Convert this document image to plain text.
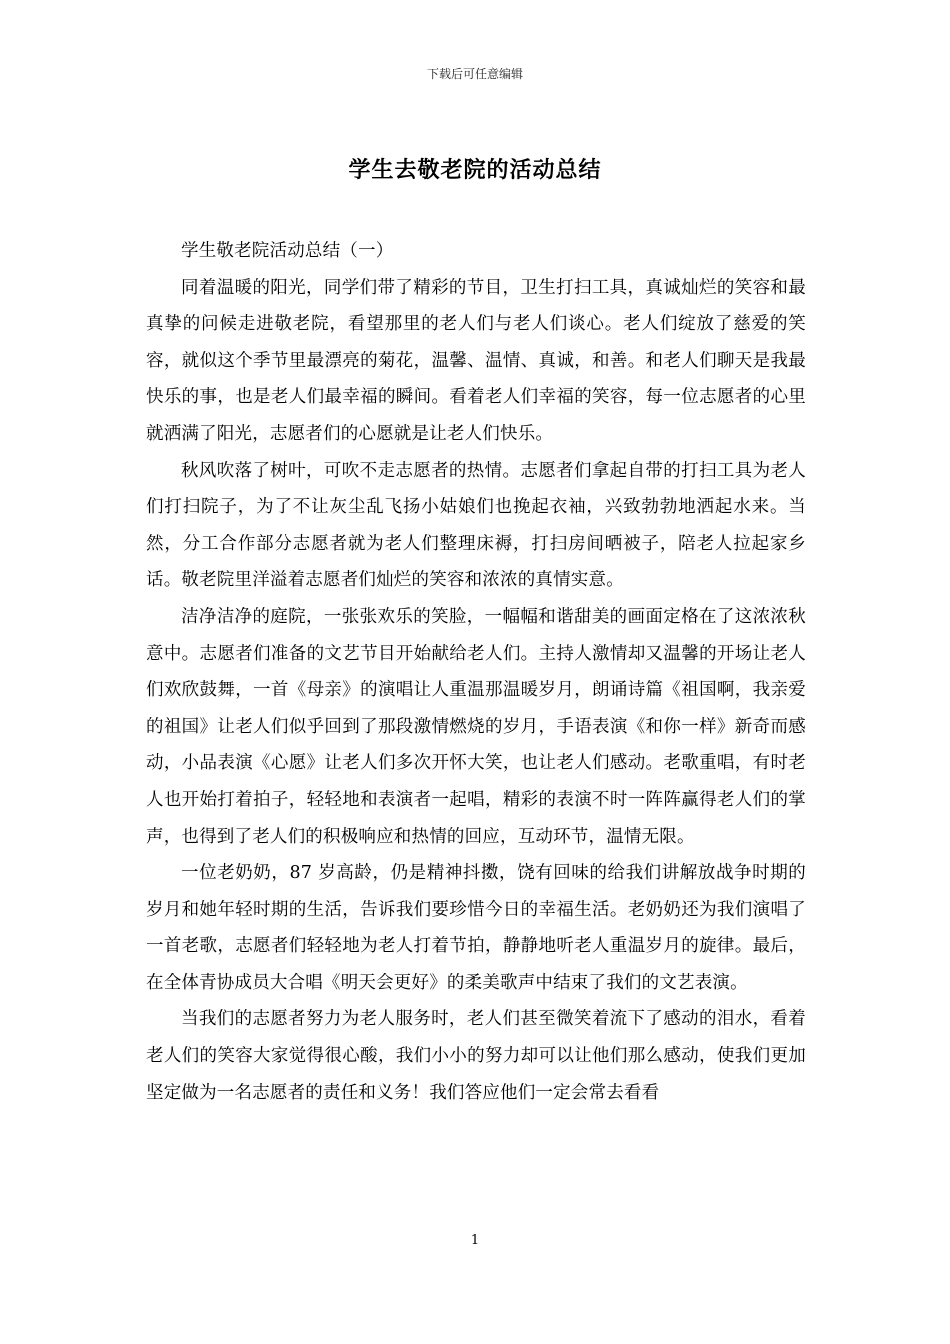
下载后可任意编辑
学生去敬老院的活动总结

学生敬老院活动总结（一）

同着温暖的阳光，同学们带了精彩的节目，卫生打扫工具，真诚灿烂的笑容和最真挚的问候走进敬老院，看望那里的老人们与老人们谈心。老人们绽放了慈爱的笑容，就似这个季节里最漂亮的菊花，温馨、温情、真诚，和善。和老人们聊天是我最快乐的事，也是老人们最幸福的瞬间。看着老人们幸福的笑容，每一位志愿者的心里就洒满了阳光，志愿者们的心愿就是让老人们快乐。

秋风吹落了树叶，可吹不走志愿者的热情。志愿者们拿起自带的打扫工具为老人们打扫院子，为了不让灰尘乱飞扬小姑娘们也挽起衣袖，兴致勃勃地洒起水来。当然，分工合作部分志愿者就为老人们整理床褥，打扫房间晒被子，陪老人拉起家乡话。敬老院里洋溢着志愿者们灿烂的笑容和浓浓的真情实意。

洁净洁净的庭院，一张张欢乐的笑脸，一幅幅和谐甜美的画面定格在了这浓浓秋意中。志愿者们准备的文艺节目开始献给老人们。主持人激情却又温馨的开场让老人们欢欣鼓舞，一首《母亲》的演唱让人重温那温暖岁月，朗诵诗篇《祖国啊，我亲爱的祖国》让老人们似乎回到了那段激情燃烧的岁月，手语表演《和你一样》新奇而感动，小品表演《心愿》让老人们多次开怀大笑，也让老人们感动。老歌重唱，有时老人也开始打着拍子，轻轻地和表演者一起唱，精彩的表演不时一阵阵赢得老人们的掌声，也得到了老人们的积极响应和热情的回应，互动环节，温情无限。

一位老奶奶，87 岁高龄，仍是精神抖擞，饶有回味的给我们讲解放战争时期的岁月和她年轻时期的生活，告诉我们要珍惜今日的幸福生活。老奶奶还为我们演唱了一首老歌，志愿者们轻轻地为老人打着节拍，静静地听老人重温岁月的旋律。最后，在全体青协成员大合唱《明天会更好》的柔美歌声中结束了我们的文艺表演。

当我们的志愿者努力为老人服务时，老人们甚至微笑着流下了感动的泪水，看着老人们的笑容大家觉得很心酸，我们小小的努力却可以让他们那么感动，使我们更加坚定做为一名志愿者的责任和义务！我们答应他们一定会常去看看

1
